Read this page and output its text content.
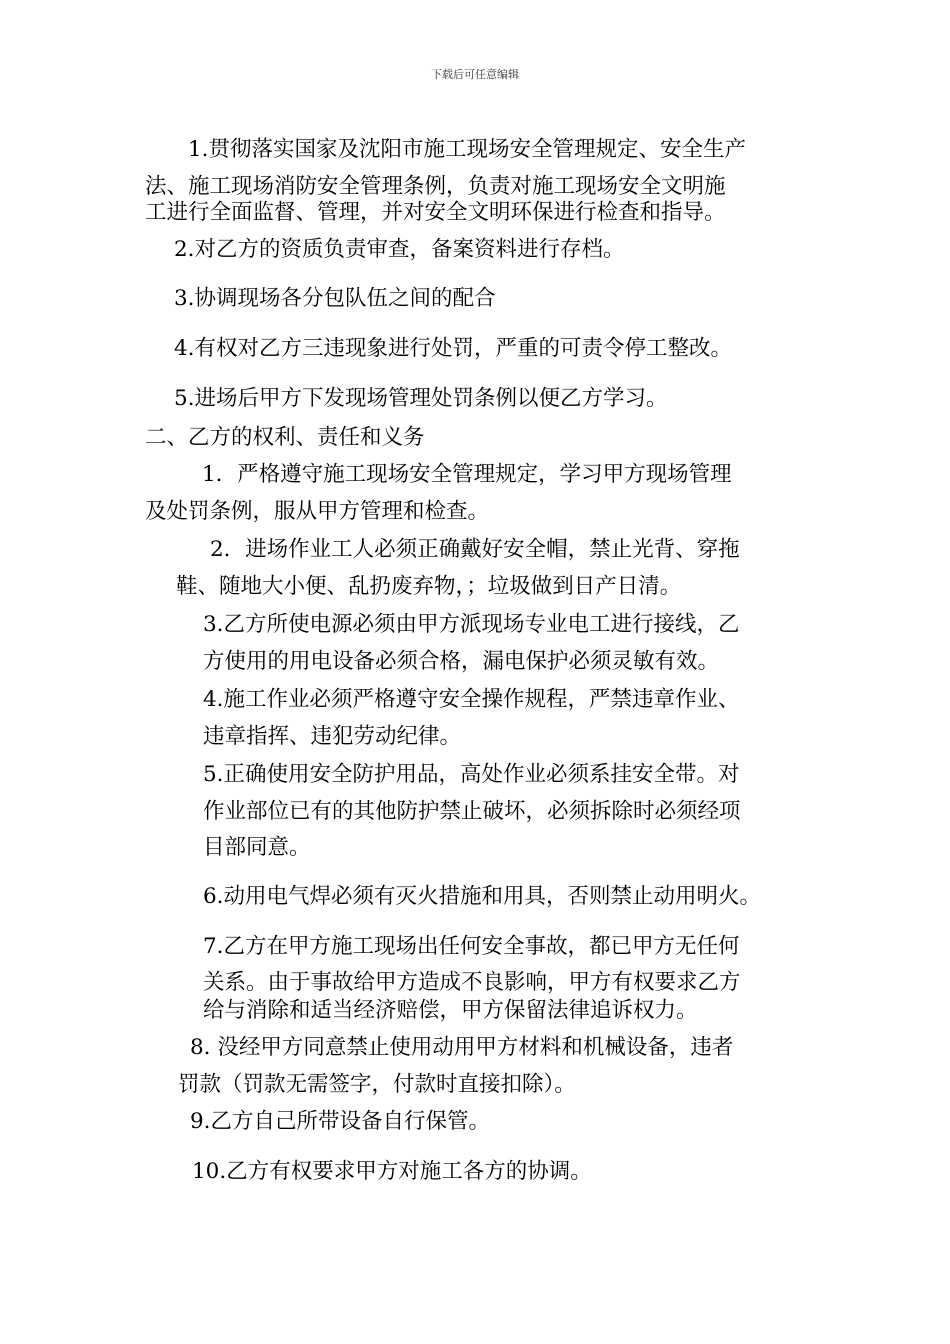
下载后可任意编辑
1.贯彻落实国家及沈阳市施工现场安全管理规定、安全生产
法、施工现场消防安全管理条例，负责对施工现场安全文明施
工进行全面监督、管理，并对安全文明环保进行检查和指导。
2.对乙方的资质负责审查，备案资料进行存档。
3.协调现场各分包队伍之间的配合
4.有权对乙方三违现象进行处罚，严重的可责令停工整改。
5.进场后甲方下发现场管理处罚条例以便乙方学习。
二、乙方的权利、责任和义务
1．严格遵守施工现场安全管理规定，学习甲方现场管理
及处罚条例，服从甲方管理和检查。
2．进场作业工人必须正确戴好安全帽，禁止光背、穿拖
鞋、随地大小便、乱扔废弃物，；垃圾做到日产日清。
3.乙方所使电源必须由甲方派现场专业电工进行接线，乙
方使用的用电设备必须合格，漏电保护必须灵敏有效。
4.施工作业必须严格遵守安全操作规程，严禁违章作业、
违章指挥、违犯劳动纪律。
5.正确使用安全防护用品，高处作业必须系挂安全带。对
作业部位已有的其他防护禁止破坏，必须拆除时必须经项
目部同意。
6.动用电气焊必须有灭火措施和用具，否则禁止动用明火。
7.乙方在甲方施工现场出任何安全事故，都已甲方无任何
关系。由于事故给甲方造成不良影响，甲方有权要求乙方
给与消除和适当经济赔偿，甲方保留法律追诉权力。
8. 没经甲方同意禁止使用动用甲方材料和机械设备，违者
罚款（罚款无需签字，付款时直接扣除）。
9.乙方自己所带设备自行保管。
10.乙方有权要求甲方对施工各方的协调。
